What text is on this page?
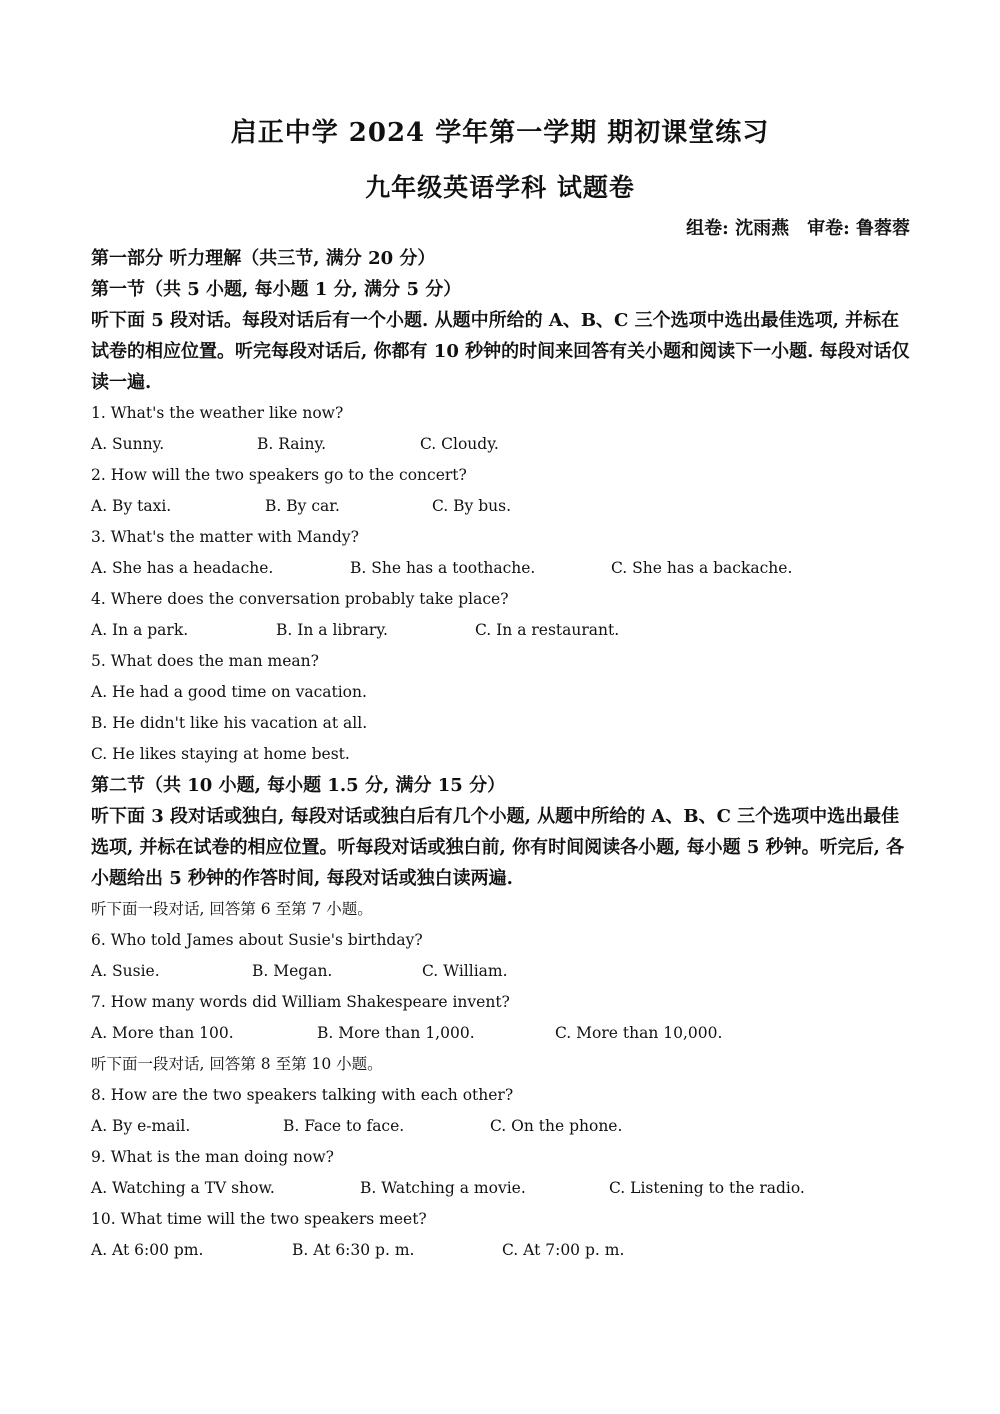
启正中学 2024 学年第一学期 期初课堂练习
九年级英语学科 试题卷
组卷: 沈雨燕 审卷: 鲁蓉蓉

第一部分 听力理解（共三节, 满分 20 分）

第一节（共 5 小题, 每小题 1 分, 满分 5 分）

听下面 5 段对话。每段对话后有一个小题. 从题中所给的 A、B、C 三个选项中选出最佳选项, 并标在试卷的相应位置。听完每段对话后, 你都有 10 秒钟的时间来回答有关小题和阅读下一小题. 每段对话仅读一遍.

1. What's the weather like now?

A. Sunny.	B. Rainy.	C. Cloudy.

2. How will the two speakers go to the concert?

A. By taxi.	B. By car.	C. By bus.

3. What's the matter with Mandy?

A. She has a headache.	B. She has a toothache.	C. She has a backache.

4. Where does the conversation probably take place?

A. In a park.	B. In a library.	C. In a restaurant.

5. What does the man mean?

A. He had a good time on vacation.

B. He didn't like his vacation at all.

C. He likes staying at home best.

第二节（共 10 小题, 每小题 1.5 分, 满分 15 分）

听下面 3 段对话或独白, 每段对话或独白后有几个小题, 从题中所给的 A、B、C 三个选项中选出最佳选项, 并标在试卷的相应位置。听每段对话或独白前, 你有时间阅读各小题, 每小题 5 秒钟。听完后, 各小题给出 5 秒钟的作答时间, 每段对话或独白读两遍.

听下面一段对话, 回答第 6 至第 7 小题。

6. Who told James about Susie's birthday?

A. Susie.	B. Megan.	C. William.

7. How many words did William Shakespeare invent?

A. More than 100.	B. More than 1,000.	C. More than 10,000.

听下面一段对话, 回答第 8 至第 10 小题。

8. How are the two speakers talking with each other?

A. By e-mail.	B. Face to face.	C. On the phone.

9. What is the man doing now?

A. Watching a TV show.	B. Watching a movie.	C. Listening to the radio.

10. What time will the two speakers meet?

A. At 6:00 pm.	B. At 6:30 p. m.	C. At 7:00 p. m.
